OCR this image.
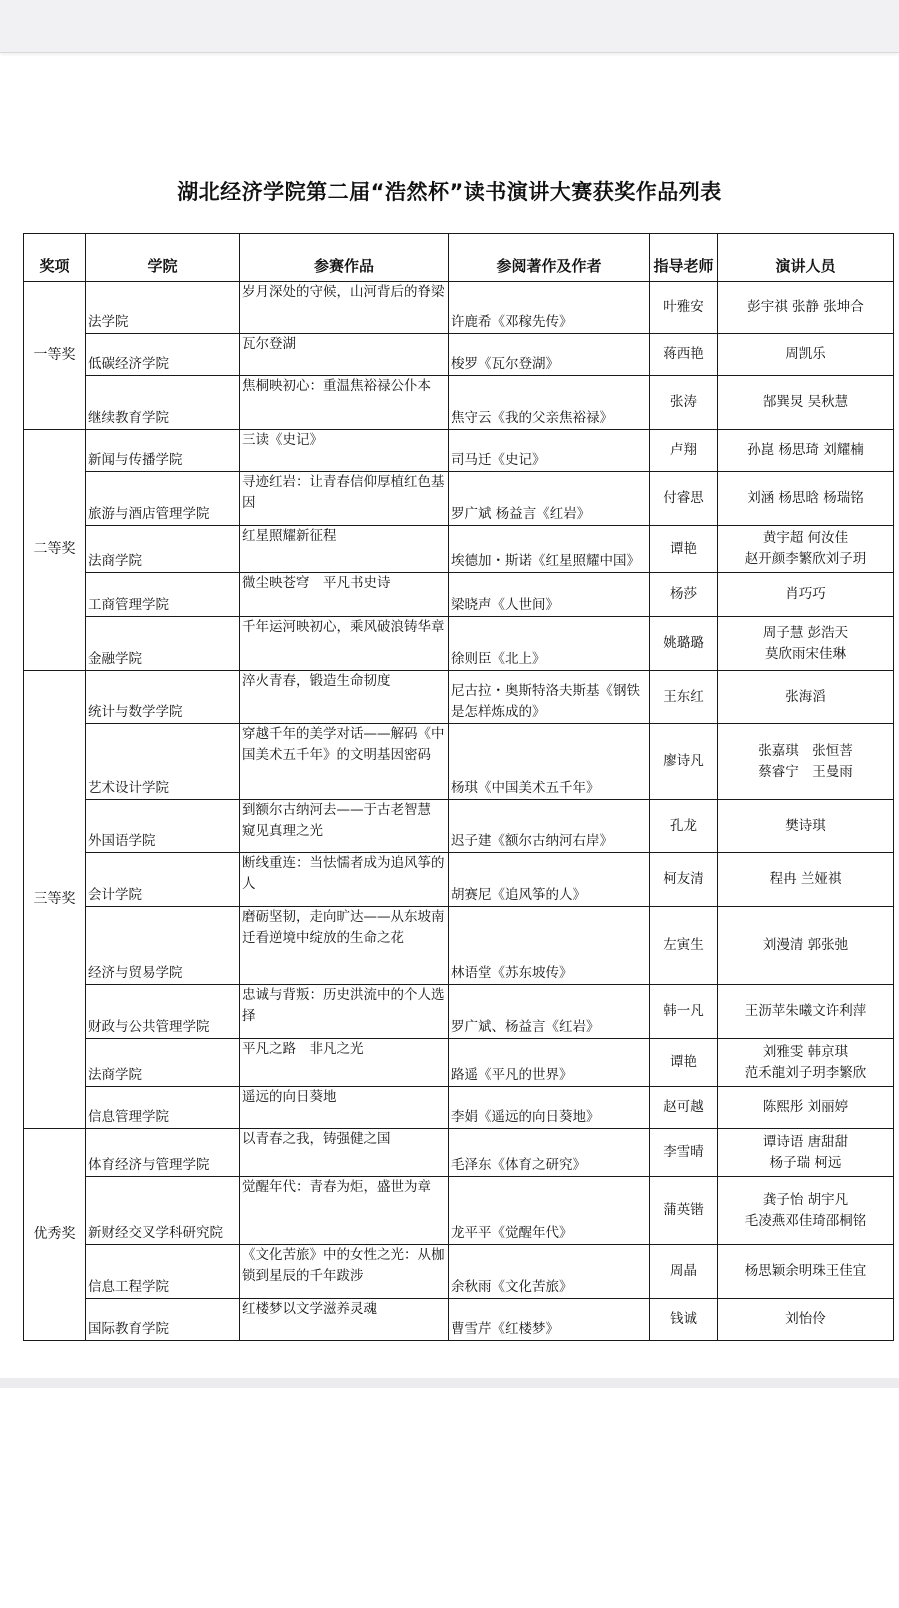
湖北经济学院第二届“浩然杯”读书演讲大赛获奖作品列表
奖项	学院	参赛作品	参阅著作及作者	指导老师	演讲人员
一等奖	法学院	岁月深处的守候，山河背后的脊梁	许鹿希《邓稼先传》	叶雅安	彭宇祺 张静 张坤合

	低碳经济学院	瓦尔登湖	梭罗《瓦尔登湖》	蒋西艳	周凯乐

	继续教育学院	焦桐映初心：重温焦裕禄公仆本	焦守云《我的父亲焦裕禄》	张涛	郜巽炅 吴秋慧

二等奖	新闻与传播学院	三读《史记》	司马迁《史记》	卢翔	孙崑 杨思琦 刘耀楠

	旅游与酒店管理学院	寻迹红岩：让青春信仰厚植红色基因	罗广斌 杨益言《红岩》	付睿思	刘涵 杨思晗 杨瑞铭

	法商学院	红星照耀新征程	埃德加・斯诺《红星照耀中国》	谭艳	黄宇超 何汝佳
赵开颜李繁欣刘子玥

	工商管理学院	微尘映苍穹　平凡书史诗	梁晓声《人世间》	杨莎	肖巧巧

	金融学院	千年运河映初心，乘风破浪铸华章	徐则臣《北上》	姚璐璐	周子慧 彭浩天
莫欣雨宋佳琳

三等奖	统计与数学学院	淬火青春，锻造生命韧度	尼古拉・奥斯特洛夫斯基《钢铁是怎样炼成的》	王东红	张海滔

	艺术设计学院	穿越千年的美学对话——解码《中国美术五千年》的文明基因密码	杨琪《中国美术五千年》	廖诗凡	张嘉琪　张恒菩
蔡睿宁　王曼雨

	外国语学院	到额尔古纳河去——于古老智慧 窥见真理之光	迟子建《额尔古纳河右岸》	孔龙	樊诗琪

	会计学院	断线重连：当怯懦者成为追风筝的人	胡赛尼《追风筝的人》	柯友清	程冉 兰娅祺

	经济与贸易学院	磨砺坚韧，走向旷达——从东坡南迁看逆境中绽放的生命之花	林语堂《苏东坡传》	左寅生	刘漫清 郭张弛

	财政与公共管理学院	忠诚与背叛：历史洪流中的个人选择	罗广斌、杨益言《红岩》	韩一凡	王沥苹朱曦文许利萍

	法商学院	平凡之路　非凡之光	路遥《平凡的世界》	谭艳	刘雅雯 韩京琪
范禾龍刘子玥李繁欣

	信息管理学院	遥远的向日葵地	李娟《遥远的向日葵地》	赵可越	陈熙彤 刘丽婷

优秀奖	体育经济与管理学院	以青春之我，铸强健之国	毛泽东《体育之研究》	李雪晴	谭诗语 唐甜甜
杨子瑞 柯远

	新财经交叉学科研究院	觉醒年代：青春为炬，盛世为章	龙平平《觉醒年代》	蒲英锴	龚子怡 胡宇凡
毛凌燕邓佳琦邵桐铭

	信息工程学院	《文化苦旅》中的女性之光：从枷锁到星辰的千年跋涉	余秋雨《文化苦旅》	周晶	杨思颖余明珠王佳宜

	国际教育学院	红楼梦以文学滋养灵魂	曹雪芹《红楼梦》	钱诚	刘怡伶
